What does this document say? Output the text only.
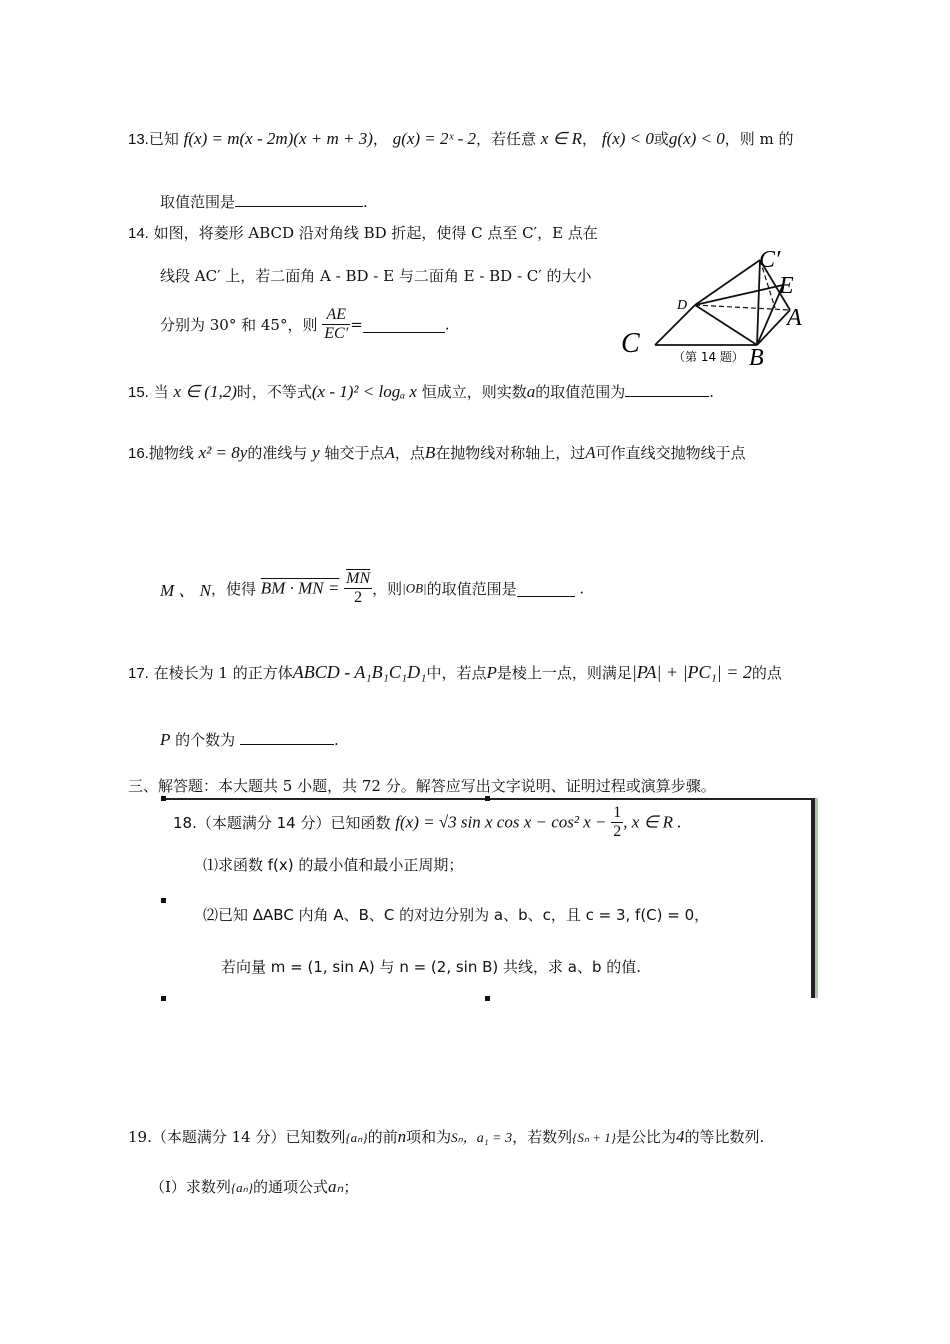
13.已知 f(x) = m(x - 2m)(x + m + 3)， g(x) = 2ˣ - 2，若任意 x ∈ R， f(x) < 0或g(x) < 0，则 m 的
取值范围是	.
14. 如图，将菱形 ABCD 沿对角线 BD 折起，使得 C 点至 C′，E 点在
线段 AC′ 上，若二面角 A - BD - E 与二面角 E - BD - C′ 的大小
分别为 30° 和 45°，则 $\frac{AE}{EC'}$ =	.
C′
E
D	A
C	B
（第 14 题）
15. 当 x ∈ (1,2)时，不等式(x - 1)² < logₐ x 恒成立，则实数a的取值范围为	.
16.抛物线 x² = 8y的准线与 y 轴交于点A，点B在抛物线对称轴上，过A可作直线交抛物线于点
M 、 N，使得 BM · MN = $\frac{\overline{MN}}{2}$ ，则|OB|的取值范围是	.
17. 在棱长为 1 的正方体ABCD - A₁B₁C₁D₁中，若点P是棱上一点，则满足|PA| + |PC₁| = 2的点
P 的个数为	.
三、解答题：本大题共 5 小题，共 72 分。解答应写出文字说明、证明过程或演算步骤。
18.（本题满分 14 分）已知函数 f(x) = √3 sin x cos x − cos² $x - \frac{1}{2}$ , x ∈ R .
⑴求函数 f(x) 的最小值和最小正周期；
⑵已知 ΔABC 内角 A、B、C 的对边分别为 a、b、c，且 c = 3, f(C) = 0，
若向量 m = (1, sin A) 与 n = (2, sin B) 共线，求 a、b 的值.
19.（本题满分 14 分）已知数列{aₙ}的前n项和为Sₙ，a₁ = 3，若数列{Sₙ + 1}是公比为4的等比数列.
（Ⅰ）求数列{aₙ}的通项公式aₙ；
